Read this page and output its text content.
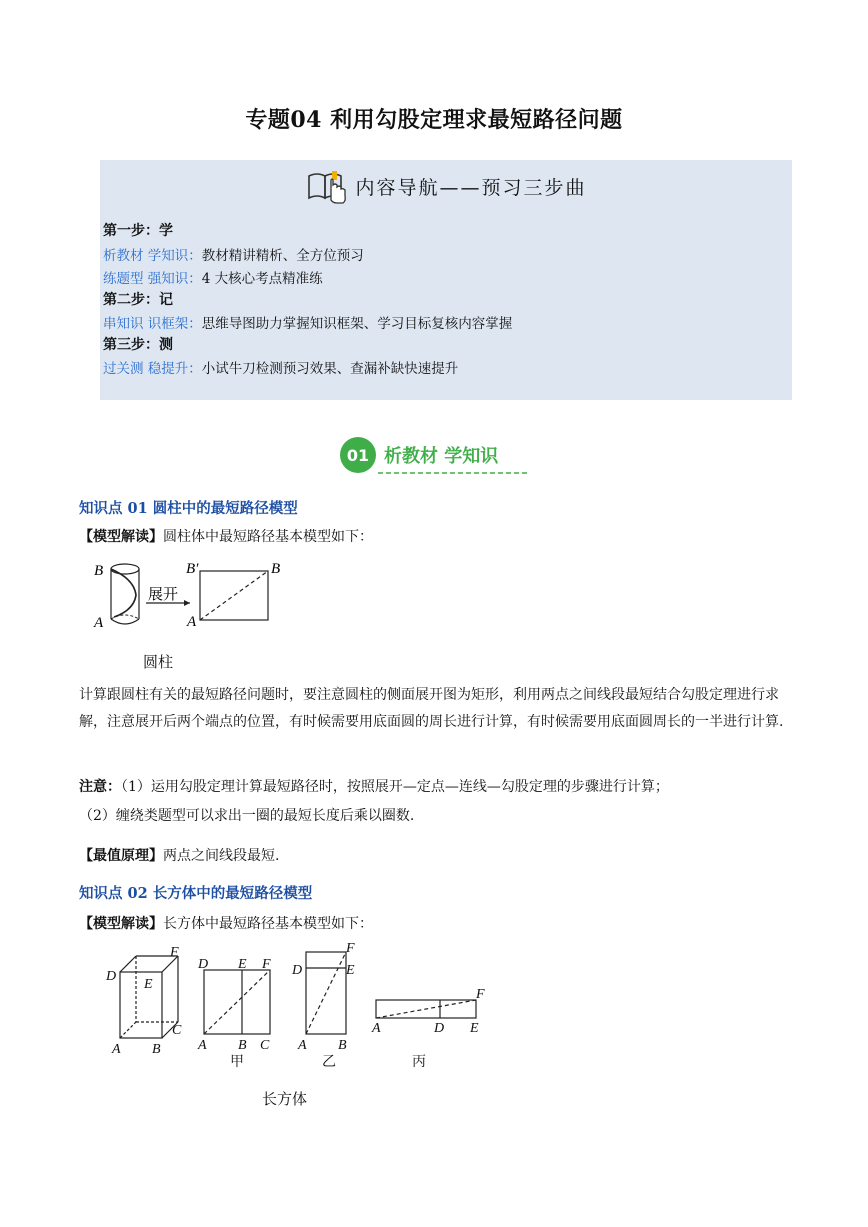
专题04 利用勾股定理求最短路径问题
内容导航——预习三步曲
第一步：学
析教材 学知识：教材精讲精析、全方位预习
练题型 强知识：4 大核心考点精准练
第二步：记
串知识 识框架：思维导图助力掌握知识框架、学习目标复核内容掌握
第三步：测
过关测 稳提升：小试牛刀检测预习效果、查漏补缺快速提升
01 析教材 学知识
知识点 01 圆柱中的最短路径模型
【模型解读】圆柱体中最短路径基本模型如下：
B
A
展开
B′	B
A
圆柱
计算跟圆柱有关的最短路径问题时，要注意圆柱的侧面展开图为矩形，利用两点之间线段最短结合勾股定理进行求解，注意展开后两个端点的位置，有时候需要用底面圆的周长进行计算，有时候需要用底面圆周长的一半进行计算.
注意：（1）运用勾股定理计算最短路径时，按照展开—定点—连线—勾股定理的步骤进行计算；
（2）缠绕类题型可以求出一圈的最短长度后乘以圈数.
【最值原理】两点之间线段最短.
知识点 02 长方体中的最短路径模型
【模型解读】长方体中最短路径基本模型如下：
D
F
E
C
A B
D E F
A B C
甲
D
F
E
A B
乙
F
A	D E
丙
长方体
